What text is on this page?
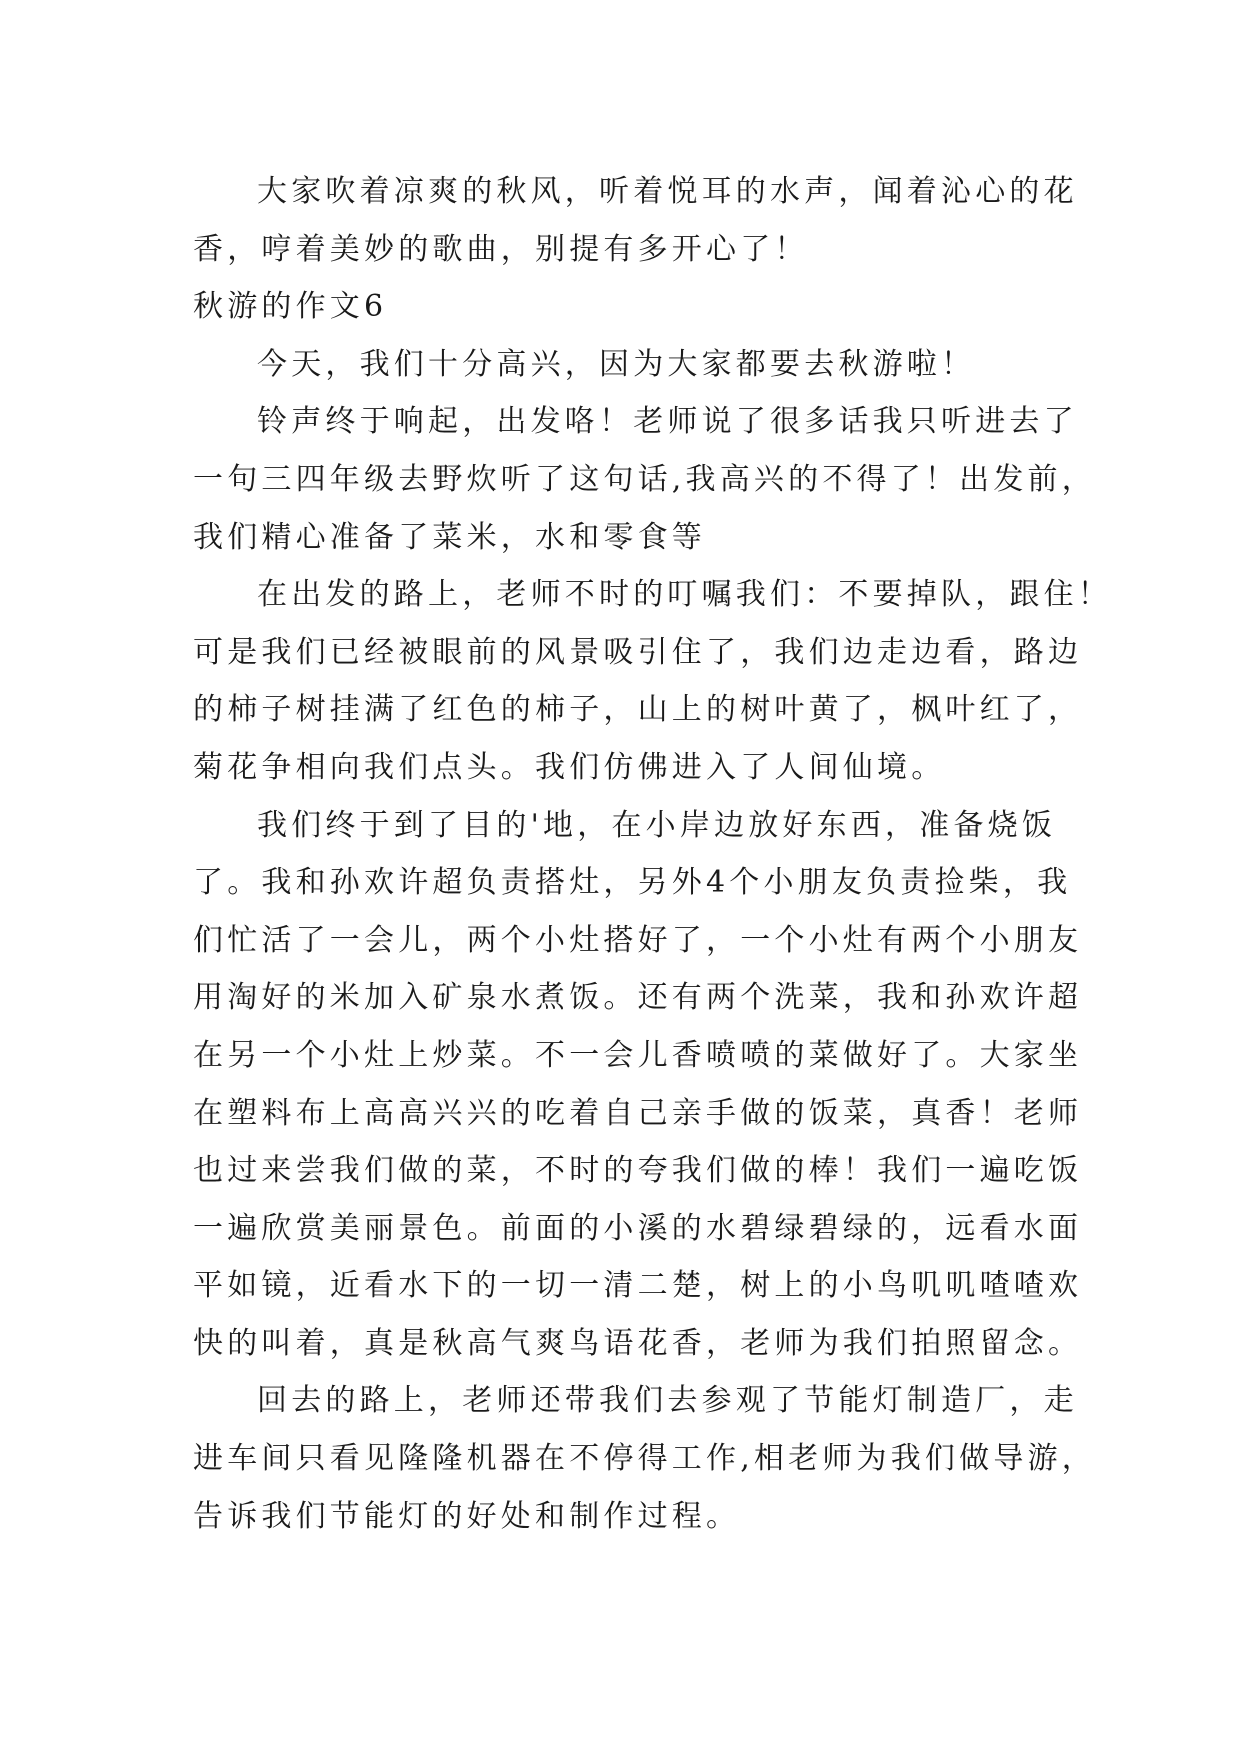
大家吹着凉爽的秋风，听着悦耳的水声，闻着沁心的花
香，哼着美妙的歌曲，别提有多开心了！
秋游的作文6
今天，我们十分高兴，因为大家都要去秋游啦！
铃声终于响起，出发咯！老师说了很多话我只听进去了
一句三四年级去野炊听了这句话,我高兴的不得了！出发前，
我们精心准备了菜米，水和零食等
在出发的路上，老师不时的叮嘱我们：不要掉队，跟住！
可是我们已经被眼前的风景吸引住了，我们边走边看，路边
的柿子树挂满了红色的柿子，山上的树叶黄了，枫叶红了，
菊花争相向我们点头。我们仿佛进入了人间仙境。
我们终于到了目的'地，在小岸边放好东西，准备烧饭
了。我和孙欢许超负责搭灶，另外4个小朋友负责捡柴，我
们忙活了一会儿，两个小灶搭好了，一个小灶有两个小朋友
用淘好的米加入矿泉水煮饭。还有两个洗菜，我和孙欢许超
在另一个小灶上炒菜。不一会儿香喷喷的菜做好了。大家坐
在塑料布上高高兴兴的吃着自己亲手做的饭菜，真香！老师
也过来尝我们做的菜，不时的夸我们做的棒！我们一遍吃饭
一遍欣赏美丽景色。前面的小溪的水碧绿碧绿的，远看水面
平如镜，近看水下的一切一清二楚，树上的小鸟叽叽喳喳欢
快的叫着，真是秋高气爽鸟语花香，老师为我们拍照留念。
回去的路上，老师还带我们去参观了节能灯制造厂，走
进车间只看见隆隆机器在不停得工作,相老师为我们做导游，
告诉我们节能灯的好处和制作过程。
